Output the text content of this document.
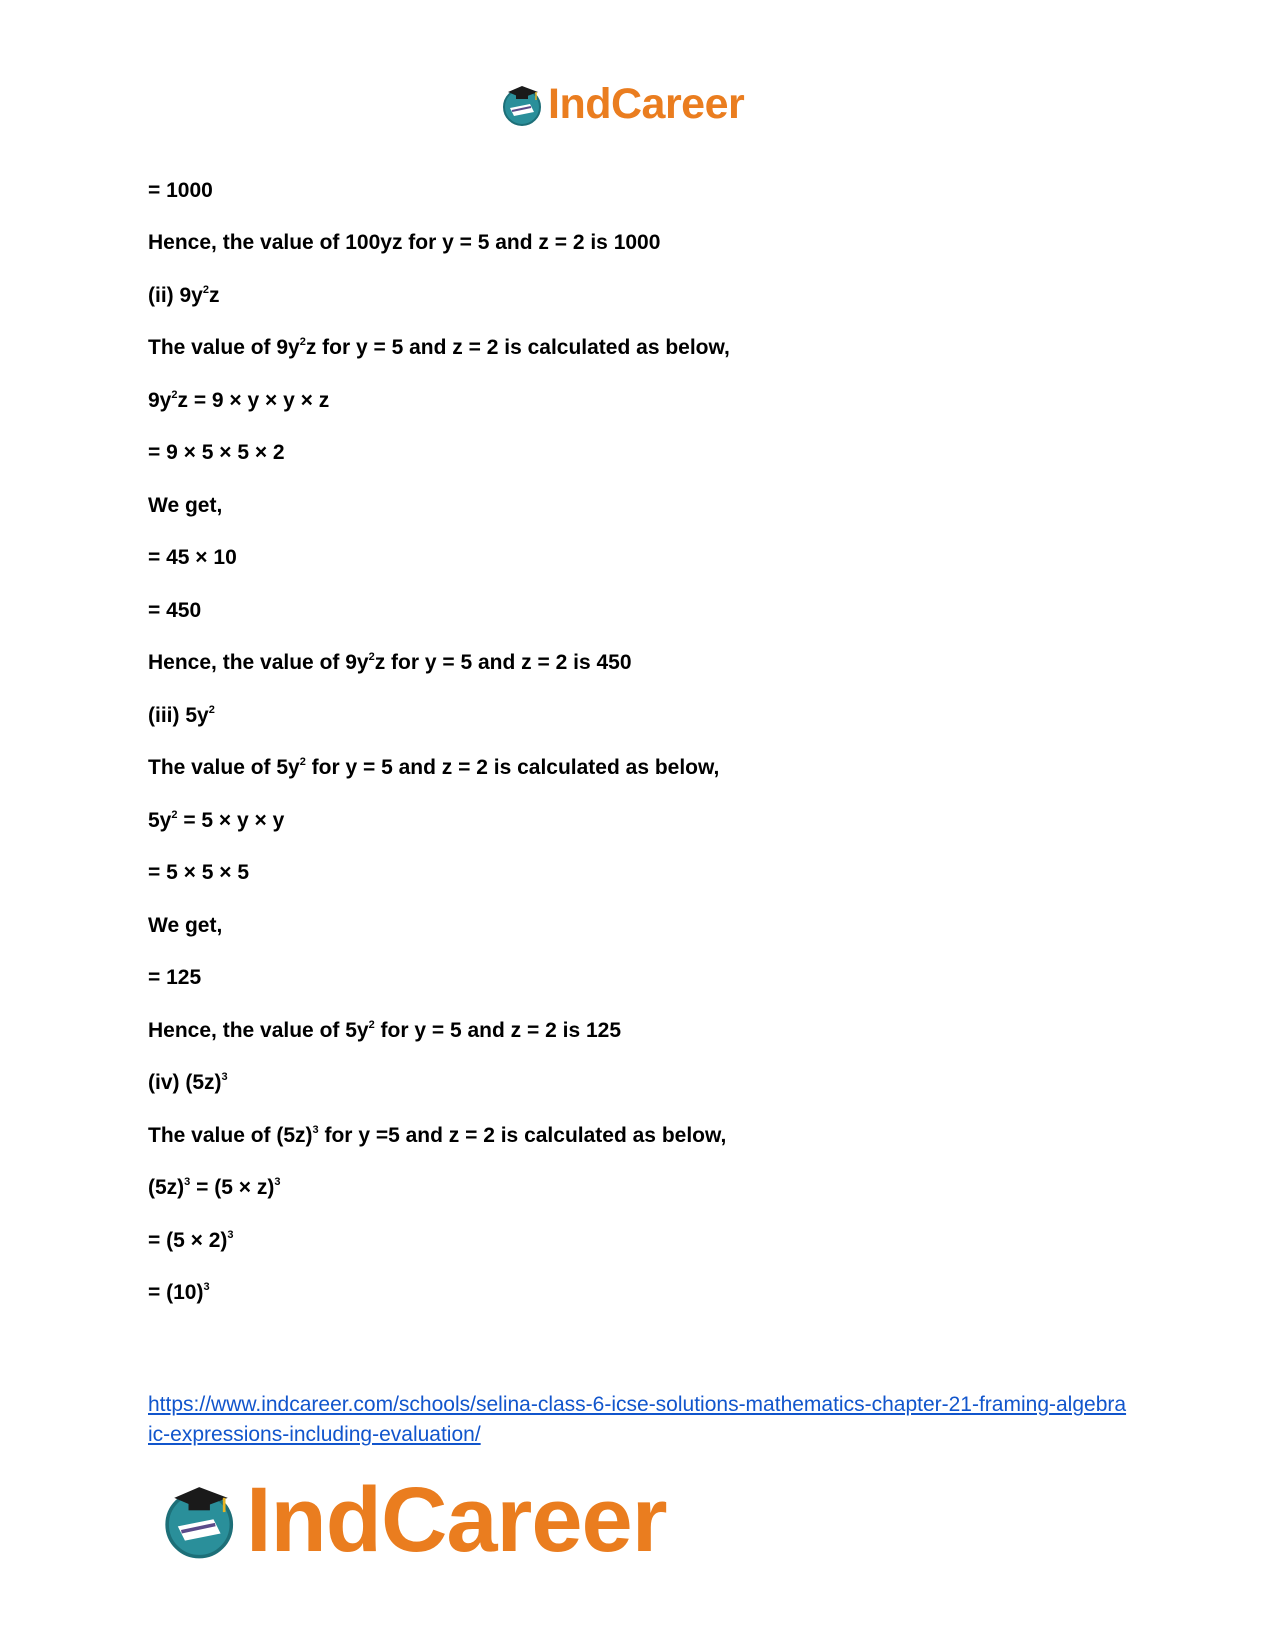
IndCareer
= 1000
Hence, the value of 100yz for y = 5 and z = 2 is 1000
(ii) $9y^2z$
The value of $9y^2z$ for y = 5 and z = 2 is calculated as below,
$9y^2z = 9 \times y \times y \times z$
= 9 × 5 × 5 × 2
We get,
= 45 × 10
= 450
Hence, the value of $9y^2z$ for y = 5 and z = 2 is 450
(iii) $5y^2$
The value of $5y^2$ for y = 5 and z = 2 is calculated as below,
$5y^2 = 5 \times y \times y$
= 5 × 5 × 5
We get,
= 125
Hence, the value of $5y^2$ for y = 5 and z = 2 is 125
(iv) $(5z)^3$
The value of $(5z)^3$ for y =5 and z = 2 is calculated as below,
$(5z)^3 = (5 \times z)^3$
= $(5 \times 2)^3$
= $(10)^3$
https://www.indcareer.com/schools/selina-class-6-icse-solutions-mathematics-chapter-21-framing-algebraic-expressions-including-evaluation/
IndCareer
